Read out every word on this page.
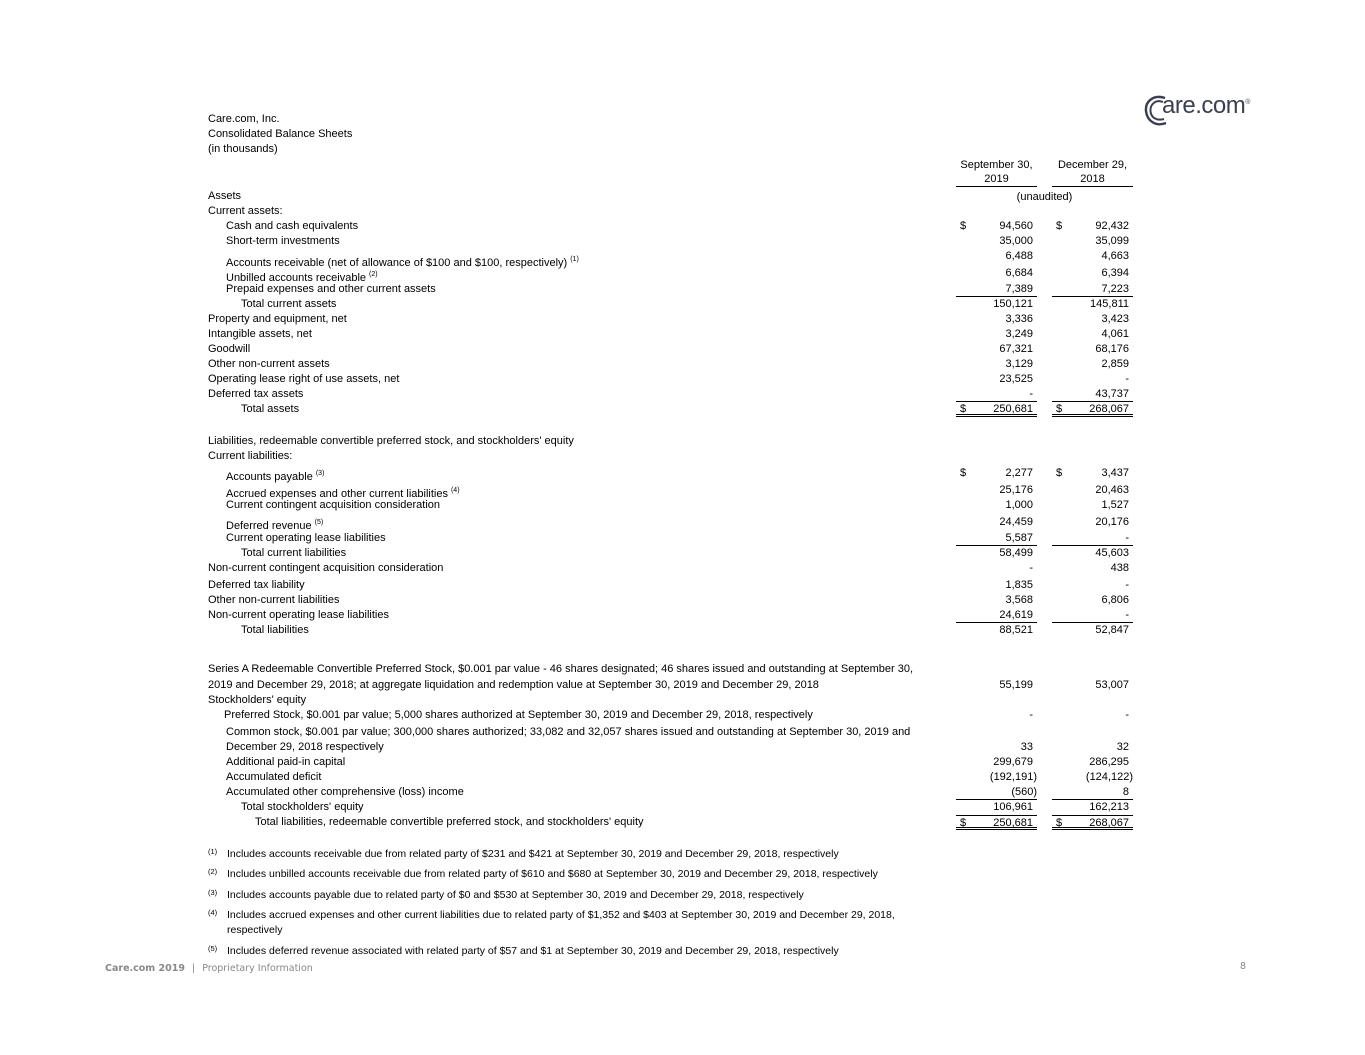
are.com®
Care.com, Inc.
Consolidated Balance Sheets
(in thousands)
September 30,
2019
December 29,
2018
(unaudited)
Assets
Current assets:
Cash and cash equivalents	$	94,560	$	92,432
Short-term investments	35,000	35,099
Accounts receivable (net of allowance of $100 and $100, respectively) $^{(1)}$	6,488	4,663
Unbilled accounts receivable $^{(2)}$	6,684	6,394
Prepaid expenses and other current assets	7,389	7,223
Total current assets	150,121	145,811
Property and equipment, net	3,336	3,423
Intangible assets, net	3,249	4,061
Goodwill	67,321	68,176
Other non-current assets	3,129	2,859
Operating lease right of use assets, net	23,525	-
Deferred tax assets	-	43,737
Total assets	$ 250,681	$ 268,067
Liabilities, redeemable convertible preferred stock, and stockholders' equity
Current liabilities:
Accounts payable $^{(3)}$	$	2,277	$	3,437
Accrued expenses and other current liabilities $^{(4)}$	25,176	20,463
Current contingent acquisition consideration	1,000	1,527
Deferred revenue $^{(5)}$	24,459	20,176
Current operating lease liabilities	5,587	-
Total current liabilities	58,499	45,603
Non-current contingent acquisition consideration	-	438
Deferred tax liability	1,835	-
Other non-current liabilities	3,568	6,806
Non-current operating lease liabilities	24,619	-
Total liabilities	88,521	52,847
Series A Redeemable Convertible Preferred Stock, $0.001 par value - 46 shares designated; 46 shares issued and outstanding at September 30,
2019 and December 29, 2018; at aggregate liquidation and redemption value at September 30, 2019 and December 29, 2018	55,199	53,007
Stockholders' equity
Preferred Stock, $0.001 par value; 5,000 shares authorized at September 30, 2019 and December 29, 2018, respectively	-	-
Common stock, $0.001 par value; 300,000 shares authorized; 33,082 and 32,057 shares issued and outstanding at September 30, 2019 and
December 29, 2018 respectively	33	32
Additional paid-in capital	299,679	286,295
Accumulated deficit	(192,191)	(124,122)
Accumulated other comprehensive (loss) income	(560)	8
Total stockholders' equity	106,961	162,213
Total liabilities, redeemable convertible preferred stock, and stockholders' equity	$ 250,681	$ 268,067
(1) Includes accounts receivable due from related party of $231 and $421 at September 30, 2019 and December 29, 2018, respectively
(2) Includes unbilled accounts receivable due from related party of $610 and $680 at September 30, 2019 and December 29, 2018, respectively
(3) Includes accounts payable due to related party of $0 and $530 at September 30, 2019 and December 29, 2018, respectively
(4) Includes accrued expenses and other current liabilities due to related party of $1,352 and $403 at September 30, 2019 and December 29, 2018,
respectively
(5) Includes deferred revenue associated with related party of $57 and $1 at September 30, 2019 and December 29, 2018, respectively
Care.com 2019 | Proprietary Information	8
